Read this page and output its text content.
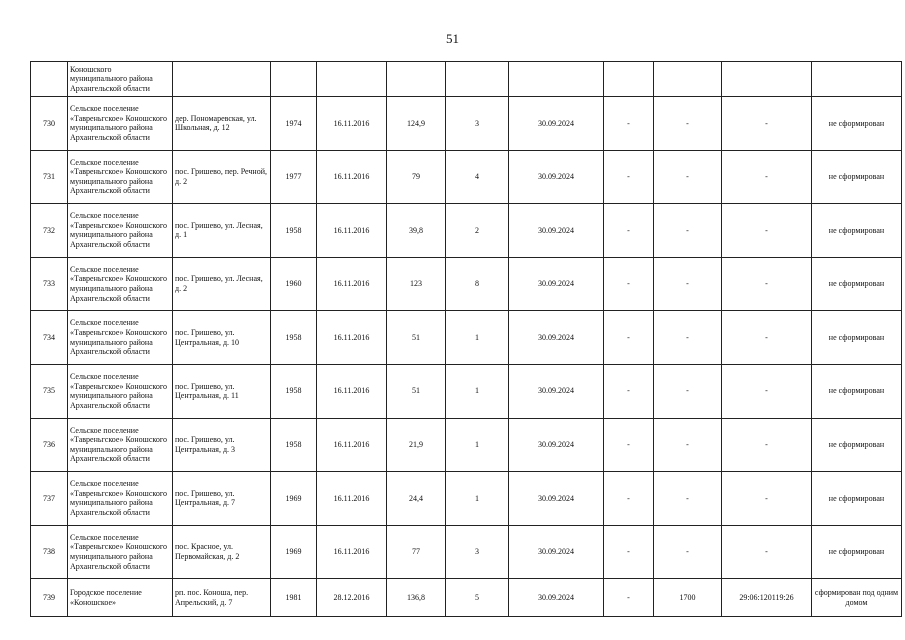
51
	Коношского муниципального района Архангельской области										
730	Сельское поселение «Тавреньгское» Коношского муниципального района Архангельской области	дер. Пономаревская, ул. Школьная, д. 12	1974	16.11.2016	124,9	3	30.09.2024	-	-	-	не сформирован
731	Сельское поселение «Тавреньгское» Коношского муниципального района Архангельской области	пос. Гришево, пер. Речной, д. 2	1977	16.11.2016	79	4	30.09.2024	-	-	-	не сформирован
732	Сельское поселение «Тавреньгское» Коношского муниципального района Архангельской области	пос. Гришево, ул. Лесная, д. 1	1958	16.11.2016	39,8	2	30.09.2024	-	-	-	не сформирован
733	Сельское поселение «Тавреньгское» Коношского муниципального района Архангельской области	пос. Гришево, ул. Лесная, д. 2	1960	16.11.2016	123	8	30.09.2024	-	-	-	не сформирован
734	Сельское поселение «Тавреньгское» Коношского муниципального района Архангельской области	пос. Гришево, ул. Центральная, д. 10	1958	16.11.2016	51	1	30.09.2024	-	-	-	не сформирован
735	Сельское поселение «Тавреньгское» Коношского муниципального района Архангельской области	пос. Гришево, ул. Центральная, д. 11	1958	16.11.2016	51	1	30.09.2024	-	-	-	не сформирован
736	Сельское поселение «Тавреньгское» Коношского муниципального района Архангельской области	пос. Гришево, ул. Центральная, д. 3	1958	16.11.2016	21,9	1	30.09.2024	-	-	-	не сформирован
737	Сельское поселение «Тавреньгское» Коношского муниципального района Архангельской области	пос. Гришево, ул. Центральная, д. 7	1969	16.11.2016	24,4	1	30.09.2024	-	-	-	не сформирован
738	Сельское поселение «Тавреньгское» Коношского муниципального района Архангельской области	пос. Красное, ул. Первомайская, д. 2	1969	16.11.2016	77	3	30.09.2024	-	-	-	не сформирован
739	Городское поселение «Коношское»	рп. пос. Коноша, пер. Апрельский, д. 7	1981	28.12.2016	136,8	5	30.09.2024	-	1700	29:06:120119:26	сформирован под одним домом
